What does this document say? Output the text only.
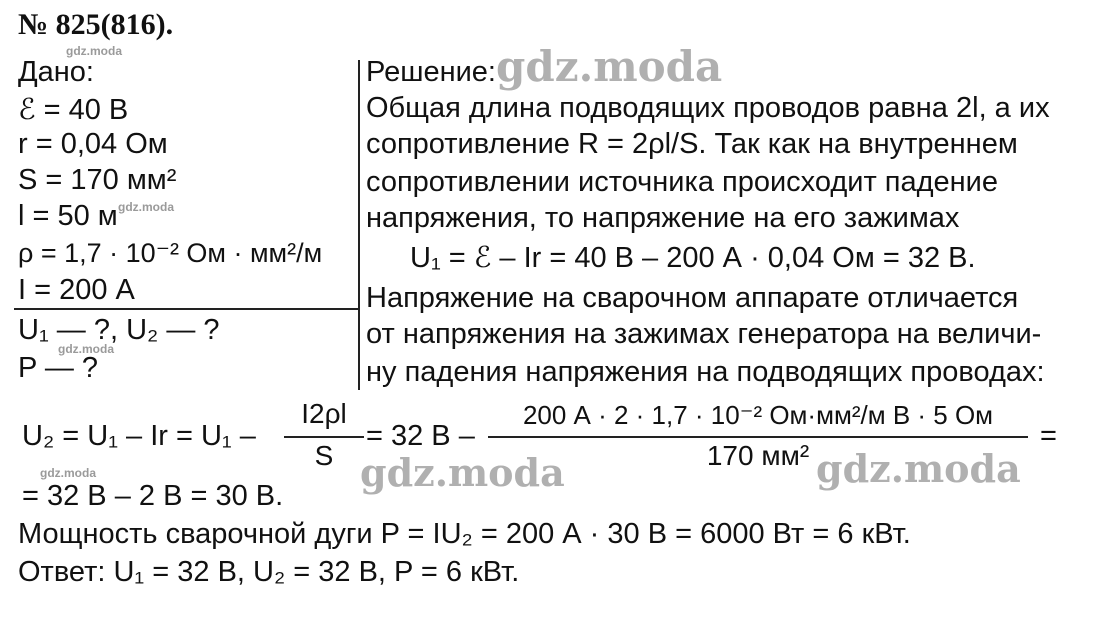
№ 825(816).
gdz.moda
gdz.moda
gdz.moda
gdz.moda
gdz.moda
gdz.moda	gdz.moda
Дано:
ℰ = 40 В
r = 0,04 Ом
S = 170 мм²
l = 50 м
ρ = 1,7 · 10⁻² Ом · мм²/м
I = 200 А
U₁ — ?, U₂ — ?
P — ?
Решение:
Общая длина подводящих проводов равна 2l, а их
сопротивление R = 2ρl/S. Так как на внутреннем
сопротивлении источника происходит падение
напряжения, то напряжение на его зажимах
U₁ = ℰ – Ir = 40 В – 200 А · 0,04 Ом = 32 В.
Напряжение на сварочном аппарате отличается
от напряжения на зажимах генератора на величи-
ну падения напряжения на подводящих проводах:
U₂ = U₁ – Ir = U₁ –
I2ρl
S
= 32 В –
200 А · 2 · 1,7 · 10⁻² Ом·мм²/м В · 5 Ом
170 мм²
=
= 32 В – 2 В = 30 В.
Мощность сварочной дуги P = IU₂ = 200 А · 30 В = 6000 Вт = 6 кВт.
Ответ: U₁ = 32 В, U₂ = 32 В, P = 6 кВт.
